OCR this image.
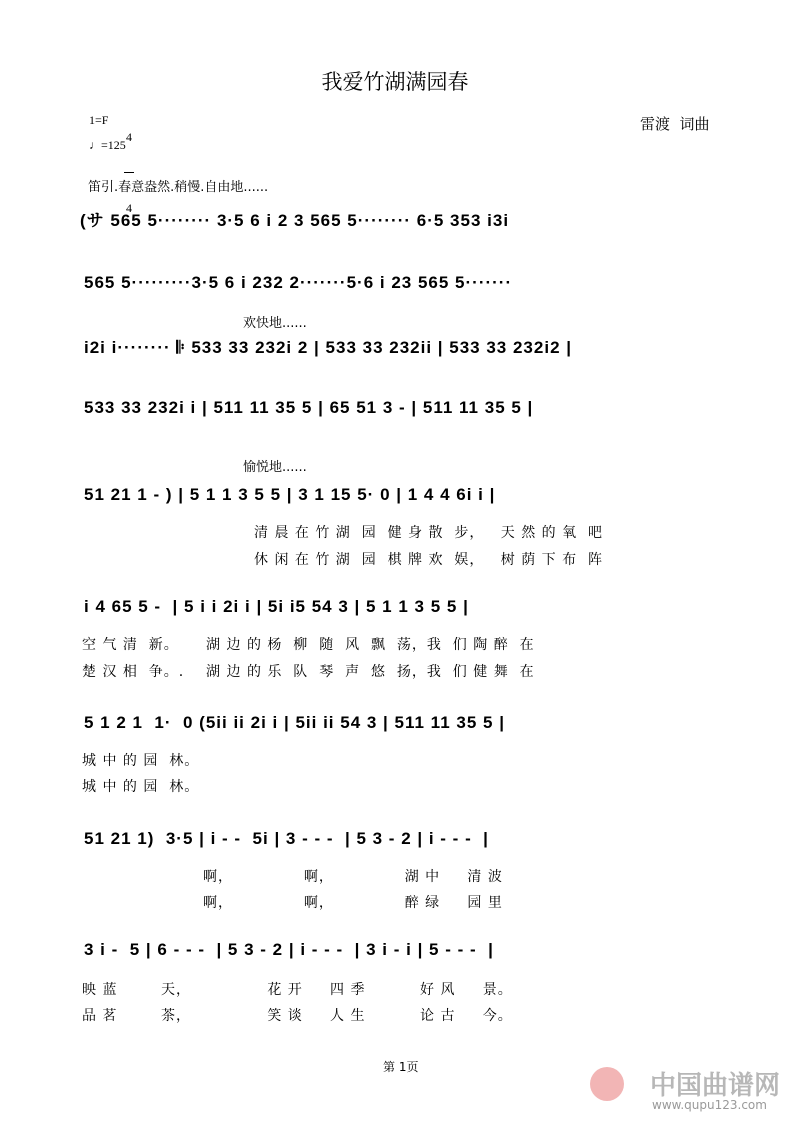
我爱竹湖满园春
1=F

4

4

♩=125
雷渡  词曲
笛引.春意盎然.稍慢.自由地......
(サ 565 5········ 3·5 6 i 2 3 565 5········ 6·5 353 i3i
565 5·········3·5 6 i 232 2·······5·6 i 23 565 5·······
欢快地......
i2i i········ 𝄆 533 33 232i 2 | 533 33 232ii | 533 33 232i2 |
533 33 232i i | 511 11 35 5 | 65 51 3 - | 511 11 35 5 |
愉悦地......
51 21 1 - ) | 5 1 1 3 5 5 | 3 1 15 5· 0 | 1 4 4 6i i |
清 晨 在 竹 湖  园  健 身 散  步，   天 然 的 氧  吧
休 闲 在 竹 湖  园  棋 牌 欢  娱，   树 荫 下 布  阵
i 4 65 5 -  | 5 i i 2i i | 5i i5 54 3 | 5 1 1 3 5 5 |
空 气 清  新。     湖 边 的 杨  柳  随  风  飘  荡，我  们 陶 醉  在
楚 汉 相  争。.    湖 边 的 乐  队  琴  声  悠  扬，我  们 健 舞  在
5 1 2 1  1·  0 (5ii ii 2i i | 5ii ii 54 3 | 511 11 35 5 |
城 中 的 园  林。
城 中 的 园  林。
51 21 1)  3·5 | i - -  5i | 3 - - -  | 5 3 - 2 | i - - -  |
啊，             啊，             湖 中     清 波
啊，             啊，             醉 绿     园 里
3 i -  5 | 6 - - -  | 5 3 - 2 | i - - -  | 3 i - i | 5 - - -  |
映 蓝        天，              花 开     四 季          好 风     景。
品 茗        茶，              笑 谈     人 生          论 古     今。
第 1页

中国曲谱网

www.qupu123.com
